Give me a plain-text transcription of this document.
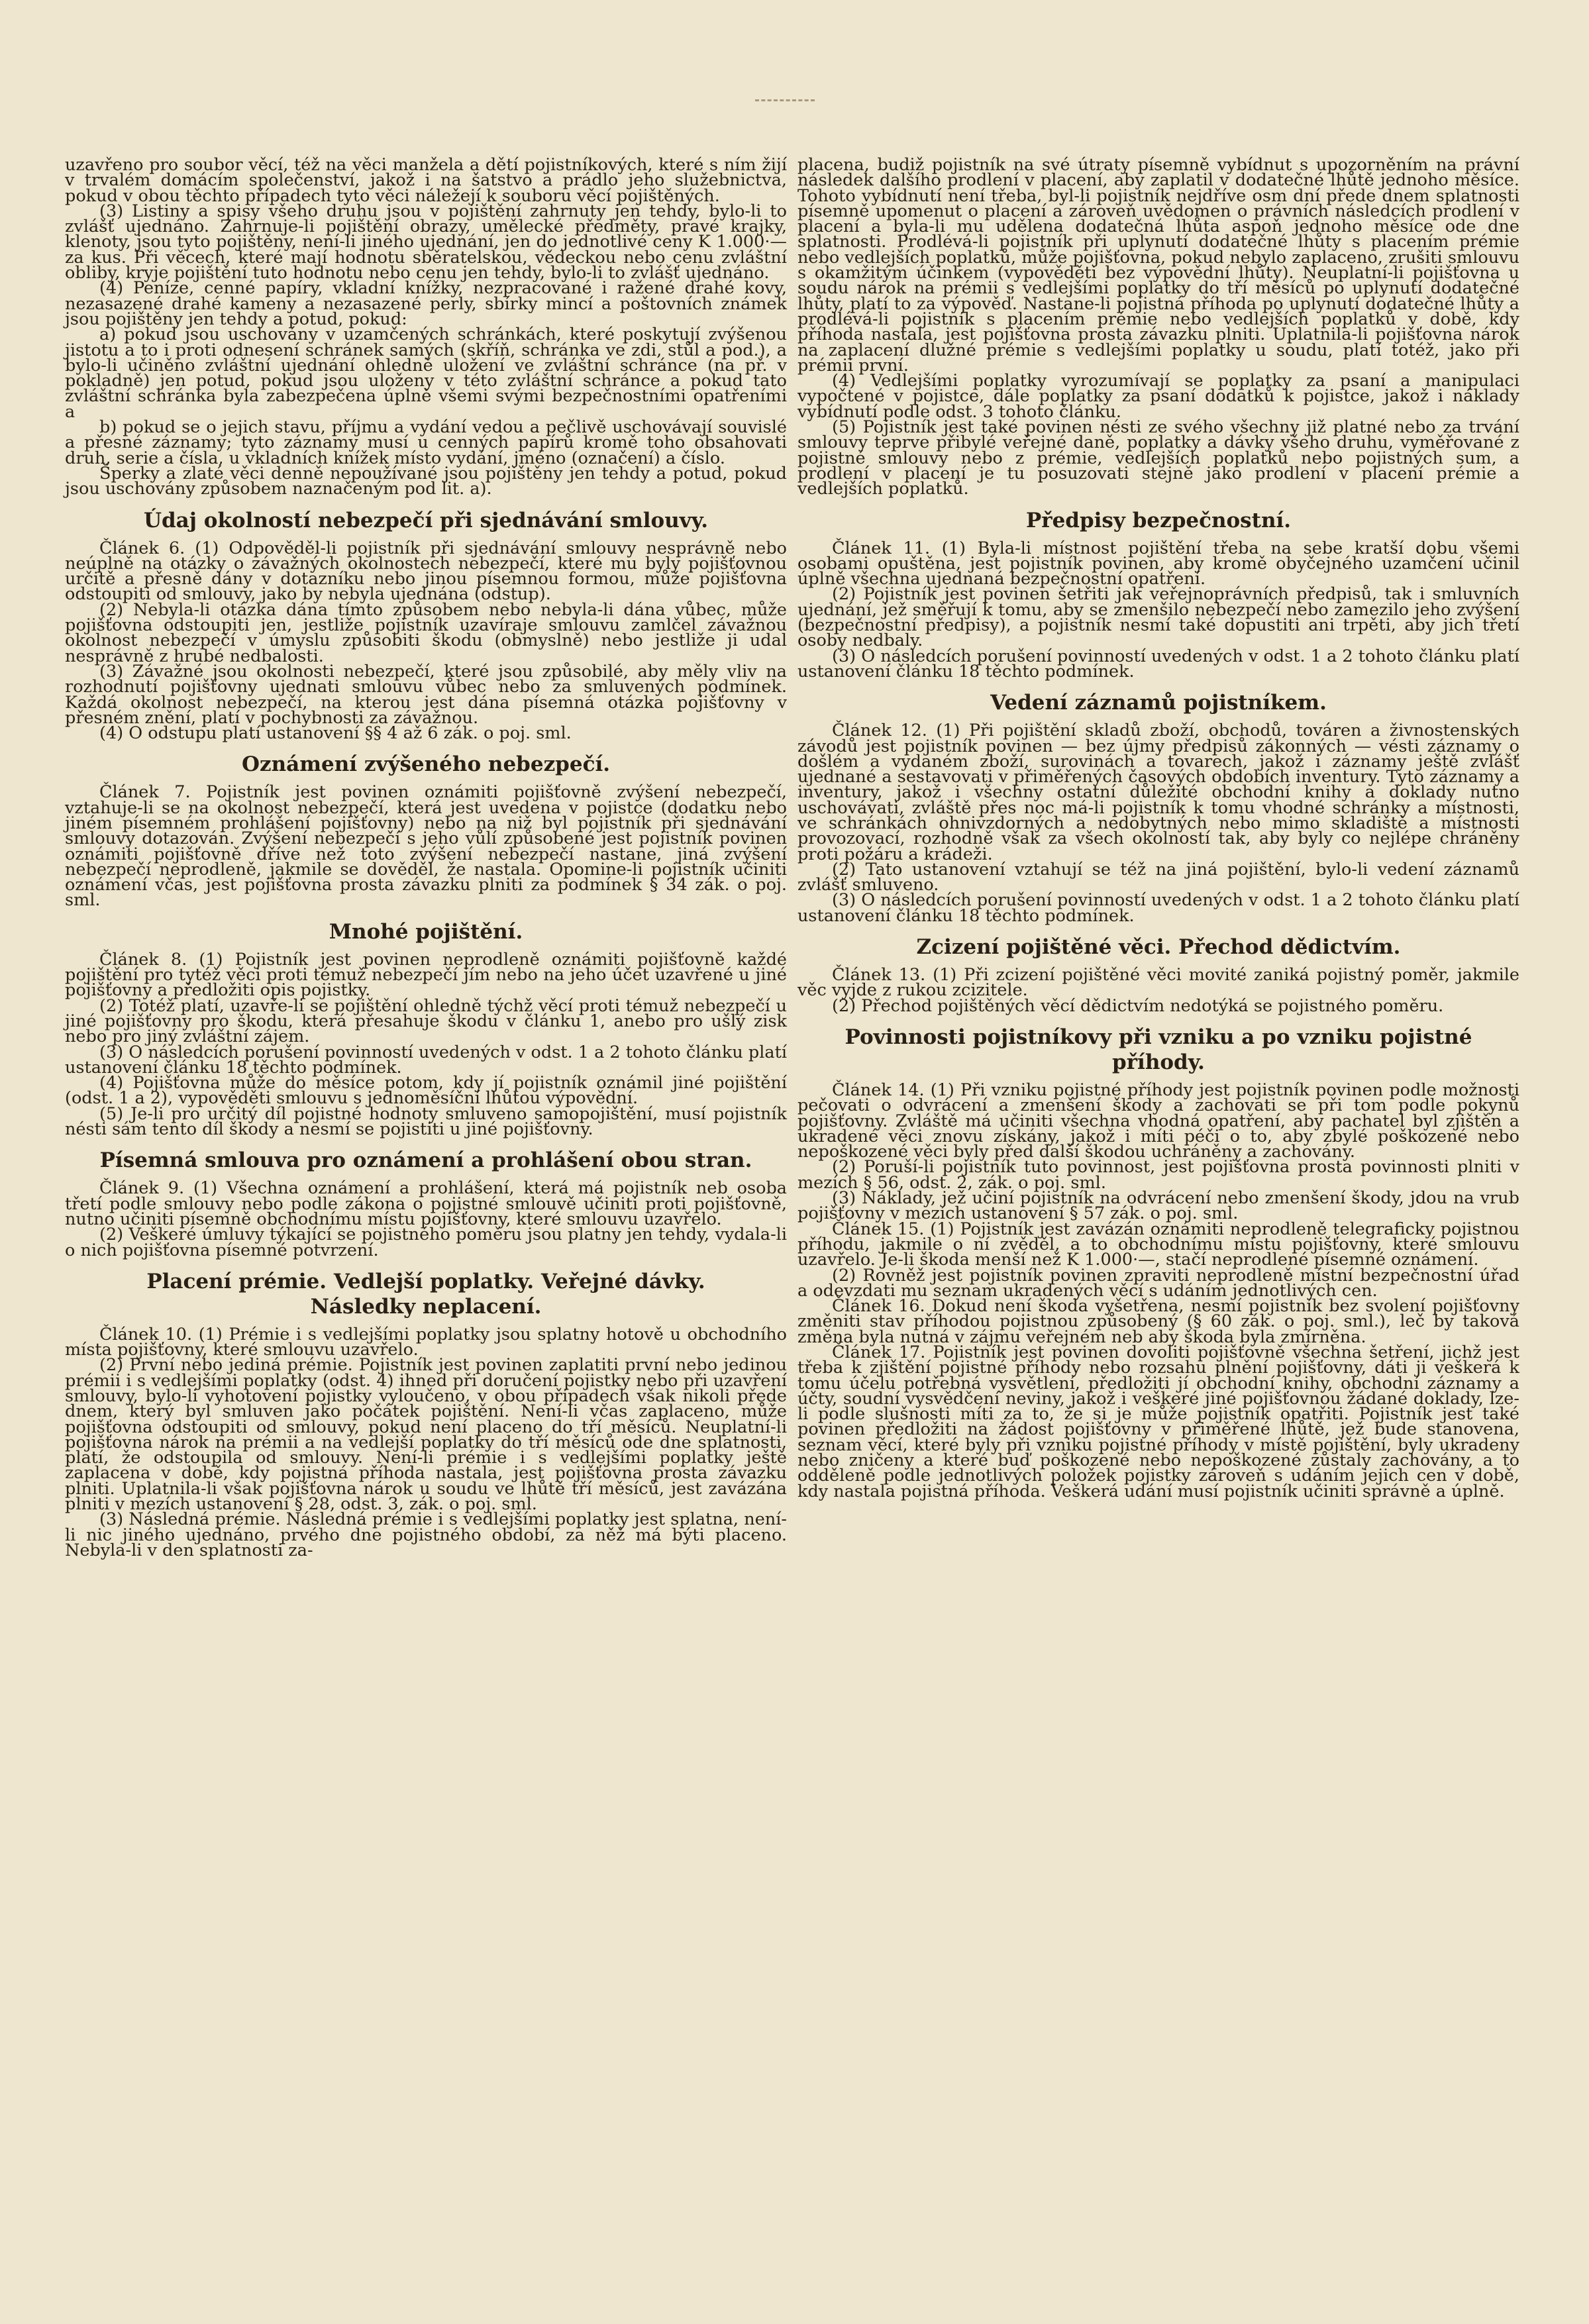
uzavřeno pro soubor věcí, též na věci manžela a dětí pojistníkových, které s ním žijí v trvalém domácím společenství, jakož i na šatstvo a prádlo jeho služebnictva, pokud v obou těchto případech tyto věci náležejí k souboru věcí pojištěných.

(3) Listiny a spisy všeho druhu jsou v pojištění zahrnuty jen tehdy, bylo-li to zvlášť ujednáno. Zahrnuje-li pojištění obrazy, umělecké předměty, pravé krajky, klenoty, jsou tyto pojištěny, není-li jiného ujednání, jen do jednotlivé ceny K 1.000·— za kus. Při věcech, které mají hodnotu sběratelskou, vědeckou nebo cenu zvláštní obliby, kryje pojištění tuto hodnotu nebo cenu jen tehdy, bylo-li to zvlášť ujednáno.

(4) Peníze, cenné papíry, vkladní knížky, nezpracované i ražené drahé kovy, nezasazené drahé kameny a nezasazené perly, sbírky mincí a poštovních známek jsou pojištěny jen tehdy a potud, pokud:

a) pokud jsou uschovány v uzamčených schránkách, které poskytují zvýšenou jistotu a to i proti odnesení schránek samých (skříň, schránka ve zdi, stůl a pod.), a bylo-li učiněno zvláštní ujednání ohledně uložení ve zvláštní schránce (na př. v pokladně) jen potud, pokud jsou uloženy v této zvláštní schránce a pokud tato zvláštní schránka byla zabezpečena úplně všemi svými bezpečnostními opatřeními a

b) pokud se o jejich stavu, příjmu a vydání vedou a pečlivě uschovávají souvislé a přesné záznamy; tyto záznamy musí u cenných papírů kromě toho obsahovati druh, serie a čísla, u vkladních knížek místo vydání, jméno (označení) a číslo.

Šperky a zlaté věci denně nepoužívané jsou pojištěny jen tehdy a potud, pokud jsou uschovány způsobem naznačeným pod lit. a).

Údaj okolností nebezpečí při sjednávání smlouvy.

Článek 6. (1) Odpověděl-li pojistník při sjednávání smlouvy nesprávně nebo neúplně na otázky o závažných okolnostech nebezpečí, které mu byly pojišťovnou určitě a přesně dány v dotazníku nebo jinou písemnou formou, může pojišťovna odstoupiti od smlouvy, jako by nebyla ujednána (odstup).

(2) Nebyla-li otázka dána tímto způsobem nebo nebyla-li dána vůbec, může pojišťovna odstoupiti jen, jestliže pojistník uzavíraje smlouvu zamlčel závažnou okolnost nebezpečí v úmyslu způsobiti škodu (obmyslně) nebo jestliže ji udal nesprávně z hrubé nedbalosti.

(3) Závažné jsou okolnosti nebezpečí, které jsou způsobilé, aby měly vliv na rozhodnutí pojišťovny ujednati smlouvu vůbec nebo za smluvených podmínek. Každá okolnost nebezpečí, na kterou jest dána písemná otázka pojišťovny v přesném znění, platí v pochybnosti za závažnou.

(4) O odstupu platí ustanovení §§ 4 až 6 zák. o poj. sml.

Oznámení zvýšeného nebezpečí.

Článek 7. Pojistník jest povinen oznámiti pojišťovně zvýšení nebezpečí, vztahuje-li se na okolnost nebezpečí, která jest uvedena v pojistce (dodatku nebo jiném písemném prohlášení pojišťovny) nebo na niž byl pojistník při sjednávání smlouvy dotazován. Zvýšení nebezpečí s jeho vůlí způsobené jest pojistník povinen oznámiti pojišťovně dříve než toto zvýšení nebezpečí nastane, jiná zvýšení nebezpečí neprodleně, jakmile se dověděl, že nastala. Opomine-li pojistník učiniti oznámení včas, jest pojišťovna prosta závazku plniti za podmínek § 34 zák. o poj. sml.

Mnohé pojištění.

Článek 8. (1) Pojistník jest povinen neprodleně oznámiti pojišťovně každé pojištění pro tytéž věci proti témuž nebezpečí jím nebo na jeho účet uzavřené u jiné pojišťovny a předložiti opis pojistky.

(2) Totéž platí, uzavře-li se pojištění ohledně týchž věcí proti témuž nebezpečí u jiné pojišťovny pro škodu, která přesahuje škodu v článku 1, anebo pro ušlý zisk nebo pro jiný zvláštní zájem.

(3) O následcích porušení povinností uvedených v odst. 1 a 2 tohoto článku platí ustanovení článku 18 těchto podmínek.

(4) Pojišťovna může do měsíce potom, kdy jí pojistník oznámil jiné pojištění (odst. 1 a 2), vypověděti smlouvu s jednoměsíční lhůtou výpovědní.

(5) Je-li pro určitý díl pojistné hodnoty smluveno samopojištění, musí pojistník nésti sám tento díl škody a nesmí se pojistiti u jiné pojišťovny.

Písemná smlouva pro oznámení a prohlášení obou stran.

Článek 9. (1) Všechna oznámení a prohlášení, která má pojistník neb osoba třetí podle smlouvy nebo podle zákona o pojistné smlouvě učiniti proti pojišťovně, nutno učiniti písemně obchodnímu místu pojišťovny, které smlouvu uzavřelo.

(2) Veškeré úmluvy týkající se pojistného poměru jsou platny jen tehdy, vydala-li o nich pojišťovna písemné potvrzení.

Placení prémie. Vedlejší poplatky. Veřejné dávky.
Následky neplacení.

Článek 10. (1) Prémie i s vedlejšími poplatky jsou splatny hotově u obchodního místa pojišťovny, které smlouvu uzavřelo.

(2) První nebo jediná prémie. Pojistník jest povinen zaplatiti první nebo jedinou prémii i s vedlejšími poplatky (odst. 4) ihned při doručení pojistky nebo při uzavření smlouvy, bylo-li vyhotovení pojistky vyloučeno, v obou případech však nikoli přede dnem, který byl smluven jako počátek pojištění. Není-li včas zaplaceno, může pojišťovna odstoupiti od smlouvy, pokud není placeno do tří měsíců. Neuplatní-li pojišťovna nárok na prémii a na vedlejší poplatky do tří měsíců ode dne splatnosti, platí, že odstoupila od smlouvy. Není-li prémie i s vedlejšími poplatky ještě zaplacena v době, kdy pojistná příhoda nastala, jest pojišťovna prosta závazku plniti. Uplatnila-li však pojišťovna nárok u soudu ve lhůtě tří měsíců, jest zavázána plniti v mezích ustanovení § 28, odst. 3, zák. o poj. sml.

(3) Následná prémie. Následná prémie i s vedlejšími poplatky jest splatna, není-li nic jiného ujednáno, prvého dne pojistného období, za něž má býti placeno. Nebyla-li v den splatnosti za-

placena, budiž pojistník na své útraty písemně vybídnut s upozorněním na právní následek dalšího prodlení v placení, aby zaplatil v dodatečné lhůtě jednoho měsíce. Tohoto vybídnutí není třeba, byl-li pojistník nejdříve osm dní přede dnem splatnosti písemně upomenut o placení a zároveň uvědomen o právních následcích prodlení v placení a byla-li mu udělena dodatečná lhůta aspoň jednoho měsíce ode dne splatnosti. Prodlévá-li pojistník při uplynutí dodatečné lhůty s placením prémie nebo vedlejších poplatků, může pojišťovna, pokud nebylo zaplaceno, zrušiti smlouvu s okamžitým účinkem (vypověděti bez výpovědní lhůty). Neuplatní-li pojišťovna u soudu nárok na prémii s vedlejšími poplatky do tří měsíců po uplynutí dodatečné lhůty, platí to za výpověď. Nastane-li pojistná příhoda po uplynutí dodatečné lhůty a prodlévá-li pojistník s placením prémie nebo vedlejších poplatků v době, kdy příhoda nastala, jest pojišťovna prosta závazku plniti. Uplatnila-li pojišťovna nárok na zaplacení dlužné prémie s vedlejšími poplatky u soudu, platí totéž, jako při prémii první.

(4) Vedlejšími poplatky vyrozumívají se poplatky za psaní a manipulaci vypočtené v pojistce, dále poplatky za psaní dodatků k pojistce, jakož i náklady vybídnutí podle odst. 3 tohoto článku.

(5) Pojistník jest také povinen nésti ze svého všechny již platné nebo za trvání smlouvy teprve přibylé veřejné daně, poplatky a dávky všeho druhu, vyměřované z pojistné smlouvy nebo z prémie, vedlejších poplatků nebo pojistných sum, a prodlení v placení je tu posuzovati stejně jako prodlení v placení prémie a vedlejších poplatků.

Předpisy bezpečnostní.

Článek 11. (1) Byla-li místnost pojištění třeba na sebe kratší dobu všemi osobami opuštěna, jest pojistník povinen, aby kromě obyčejného uzamčení učinil úplně všechna ujednaná bezpečnostní opatření.

(2) Pojistník jest povinen šetřiti jak veřejnoprávních předpisů, tak i smluvních ujednání, jež směřují k tomu, aby se zmenšilo nebezpečí nebo zamezilo jeho zvýšení (bezpečnostní předpisy), a pojistník nesmí také dopustiti ani trpěti, aby jich třetí osoby nedbaly.

(3) O následcích porušení povinností uvedených v odst. 1 a 2 tohoto článku platí ustanovení článku 18 těchto podmínek.

Vedení záznamů pojistníkem.

Článek 12. (1) Při pojištění skladů zboží, obchodů, továren a živnostenských závodů jest pojistník povinen — bez újmy předpisů zákonných — vésti záznamy o došlém a vydaném zboží, surovinách a tovarech, jakož i záznamy ještě zvlášť ujednané a sestavovati v přiměřených časových obdobích inventury. Tyto záznamy a inventury, jakož i všechny ostatní důležité obchodní knihy a doklady nutno uschovávati, zvláště přes noc má-li pojistník k tomu vhodné schránky a místnosti, ve schránkách ohnivzdorných a nedobytných nebo mimo skladiště a místnosti provozovací, rozhodně však za všech okolností tak, aby byly co nejlépe chráněny proti požáru a krádeži.

(2) Tato ustanovení vztahují se též na jiná pojištění, bylo-li vedení záznamů zvlášť smluveno.

(3) O následcích porušení povinností uvedených v odst. 1 a 2 tohoto článku platí ustanovení článku 18 těchto podmínek.

Zcizení pojištěné věci. Přechod dědictvím.

Článek 13. (1) Při zcizení pojištěné věci movité zaniká pojistný poměr, jakmile věc vyjde z rukou zcizitele.

(2) Přechod pojištěných věcí dědictvím nedotýká se pojistného poměru.

Povinnosti pojistníkovy při vzniku a po vzniku pojistné příhody.

Článek 14. (1) Při vzniku pojistné příhody jest pojistník povinen podle možnosti pečovati o odvrácení a zmenšení škody a zachovati se při tom podle pokynů pojišťovny. Zvláště má učiniti všechna vhodná opatření, aby pachatel byl zjištěn a ukradené věci znovu získány, jakož i míti péči o to, aby zbylé poškozené nebo nepoškozené věci byly před další škodou uchráněny a zachovány.

(2) Poruší-li pojistník tuto povinnost, jest pojišťovna prosta povinnosti plniti v mezích § 56, odst. 2, zák. o poj. sml.

(3) Náklady, jež učiní pojistník na odvrácení nebo zmenšení škody, jdou na vrub pojišťovny v mezích ustanovení § 57 zák. o poj. sml.

Článek 15. (1) Pojistník jest zavázán oznámiti neprodleně telegraficky pojistnou příhodu, jakmile o ní zvěděl, a to obchodnímu místu pojišťovny, které smlouvu uzavřelo. Je-li škoda menší než K 1.000·—, stačí neprodlené písemné oznámení.

(2) Rovněž jest pojistník povinen zpraviti neprodleně místní bezpečnostní úřad a odevzdati mu seznam ukradených věcí s udáním jednotlivých cen.

Článek 16. Dokud není škoda vyšetřena, nesmí pojistník bez svolení pojišťovny změniti stav příhodou pojistnou způsobený (§ 60 zák. o poj. sml.), leč by taková změna byla nutná v zájmu veřejném neb aby škoda byla zmírněna.

Článek 17. Pojistník jest povinen dovoliti pojišťovně všechna šetření, jichž jest třeba k zjištění pojistné příhody nebo rozsahu plnění pojišťovny, dáti ji veškerá k tomu účelu potřebná vysvětlení, předložiti jí obchodní knihy, obchodní záznamy a účty, soudní vysvědčení neviny, jakož i veškeré jiné pojišťovnou žádané doklady, lze-li podle slušnosti míti za to, že si je může pojistník opatřiti. Pojistník jest také povinen předložiti na žádost pojišťovny v přiměřené lhůtě, jež bude stanovena, seznam věcí, které byly při vzniku pojistné příhody v místě pojištění, byly ukradeny nebo zničeny a které buď poškozené nebo nepoškozené zůstaly zachovány, a to odděleně podle jednotlivých položek pojistky zároveň s udáním jejich cen v době, kdy nastala pojistná příhoda. Veškerá udání musí pojistník učiniti správně a úplně.
